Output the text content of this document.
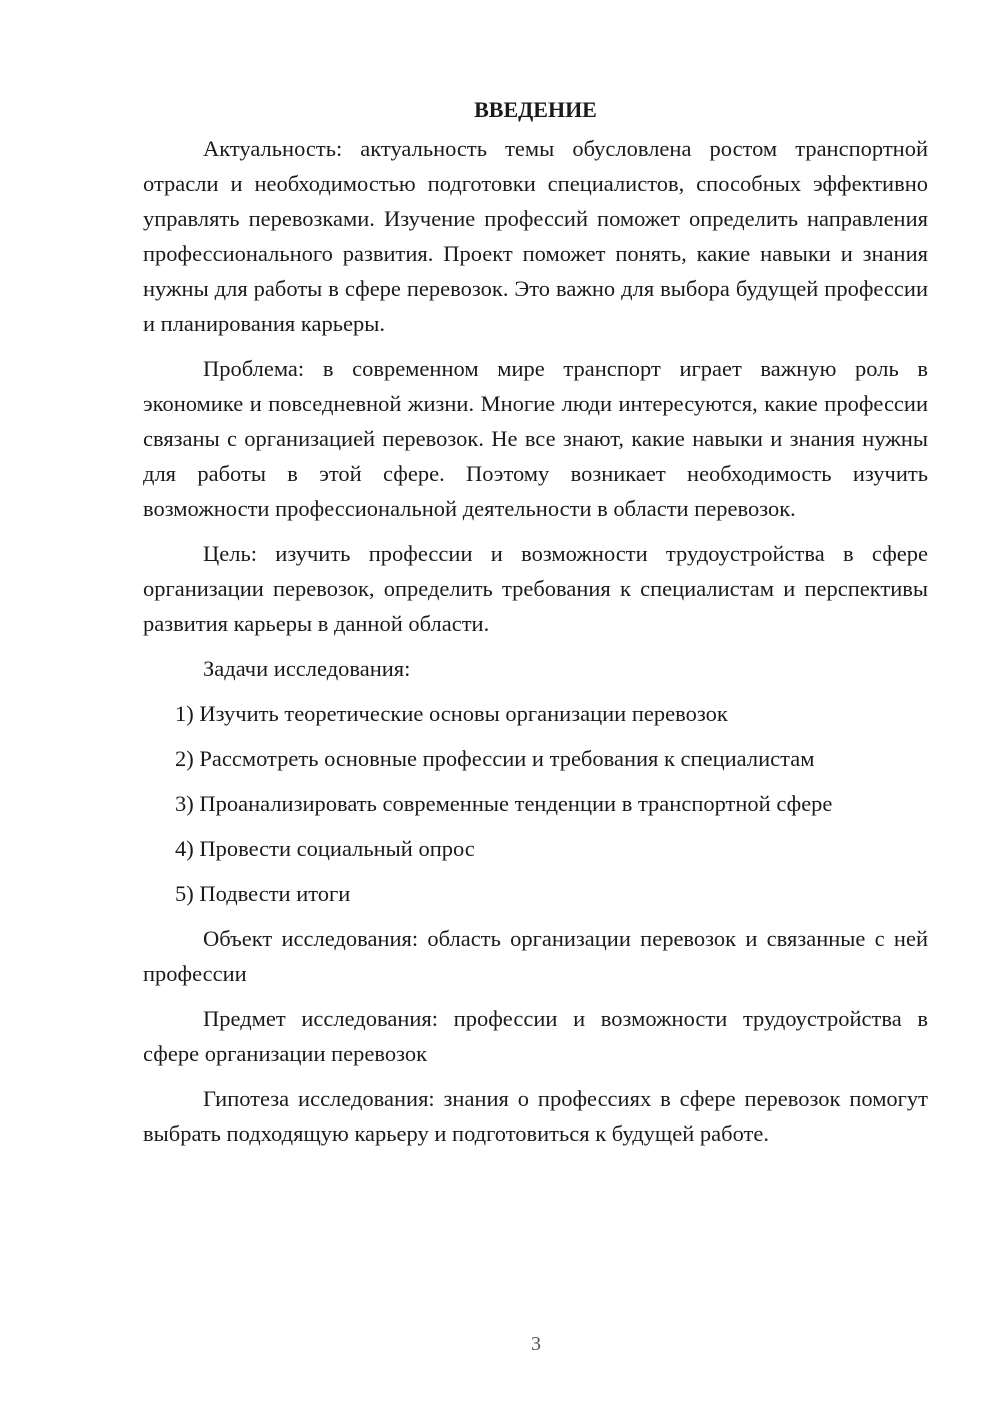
ВВЕДЕНИЕ

Актуальность: актуальность темы обусловлена ростом транспортной отрасли и необходимостью подготовки специалистов, способных эффективно управлять перевозками. Изучение профессий поможет определить направления профессионального развития. Проект поможет понять, какие навыки и знания нужны для работы в сфере перевозок. Это важно для выбора будущей профессии и планирования карьеры.

Проблема: в современном мире транспорт играет важную роль в экономике и повседневной жизни. Многие люди интересуются, какие профессии связаны с организацией перевозок. Не все знают, какие навыки и знания нужны для работы в этой сфере. Поэтому возникает необходимость изучить возможности профессиональной деятельности в области перевозок.

Цель: изучить профессии и возможности трудоустройства в сфере организации перевозок, определить требования к специалистам и перспективы развития карьеры в данной области.

Задачи исследования:

1) Изучить теоретические основы организации перевозок
2) Рассмотреть основные профессии и требования к специалистам
3) Проанализировать современные тенденции в транспортной сфере
4) Провести социальный опрос
5) Подвести итоги

Объект исследования: область организации перевозок и связанные с ней профессии

Предмет исследования: профессии и возможности трудоустройства в сфере организации перевозок

Гипотеза исследования: знания о профессиях в сфере перевозок помогут выбрать подходящую карьеру и подготовиться к будущей работе.

3
